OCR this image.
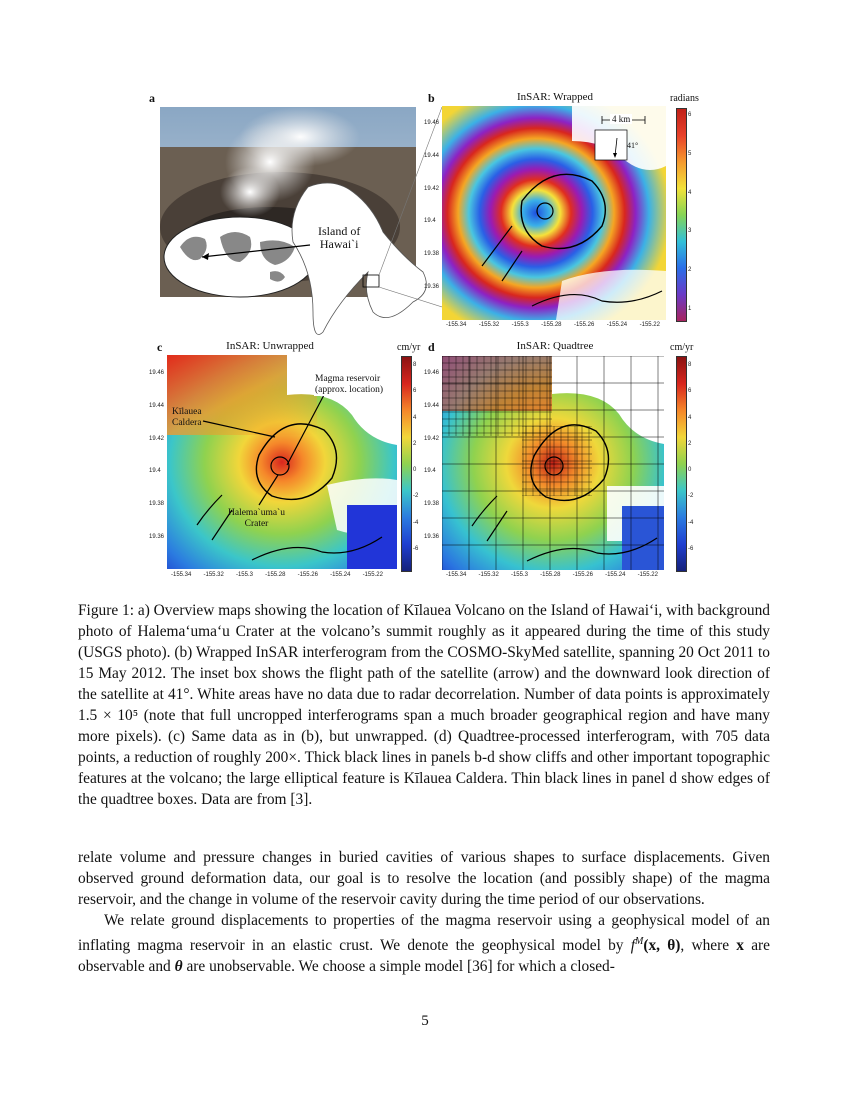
a
Island of
Hawai`i
b	InSAR: Wrapped	radians
4 km
41°
6
5
4
3
2
1
19.46
19.44
19.42
19.4
19.38
19.36
-155.34 -155.32 -155.3 -155.28 -155.26 -155.24 -155.22
c	InSAR: Unwrapped	cm/yr
Magma reservoir
(approx. location)
Kīlauea
Caldera
Halema`uma`u
Crater
8
6
4
2
0
-2
-4
-6
19.46
19.44
19.42
19.4
19.38
19.36
-155.34 -155.32 -155.3 -155.28 -155.26 -155.24 -155.22
d	InSAR: Quadtree	cm/yr
8
6
4
2
0
-2
-4
-6
19.46
19.44
19.42
19.4
19.38
19.36
-155.34 -155.32 -155.3 -155.28 -155.26 -155.24 -155.22

Figure 1: a) Overview maps showing the location of Kīlauea Volcano on the Island of Hawai‘i, with background photo of Halema‘uma‘u Crater at the volcano’s summit roughly as it appeared during the time of this study (USGS photo). (b) Wrapped InSAR interferogram from the COSMO-SkyMed satellite, spanning 20 Oct 2011 to 15 May 2012. The inset box shows the flight path of the satellite (arrow) and the downward look direction of the satellite at 41°. White areas have no data due to radar decorrelation. Number of data points is approximately 1.5 × 10⁵ (note that full uncropped interferograms span a much broader geographical region and have many more pixels). (c) Same data as in (b), but unwrapped. (d) Quadtree-processed interferogram, with 705 data points, a reduction of roughly 200×. Thick black lines in panels b-d show cliffs and other important topographic features at the volcano; the large elliptical feature is Kīlauea Caldera. Thin black lines in panel d show edges of the quadtree boxes. Data are from [3].

relate volume and pressure changes in buried cavities of various shapes to surface displacements. Given observed ground deformation data, our goal is to resolve the location (and possibly shape) of the magma reservoir, and the change in volume of the reservoir cavity during the time period of our observations.

We relate ground displacements to properties of the magma reservoir using a geophysical model of an inflating magma reservoir in an elastic crust. We denote the geophysical model by $f^M(x$, θ), where x are observable and θ are unobservable. We choose a simple model [36] for which a closed-

5
